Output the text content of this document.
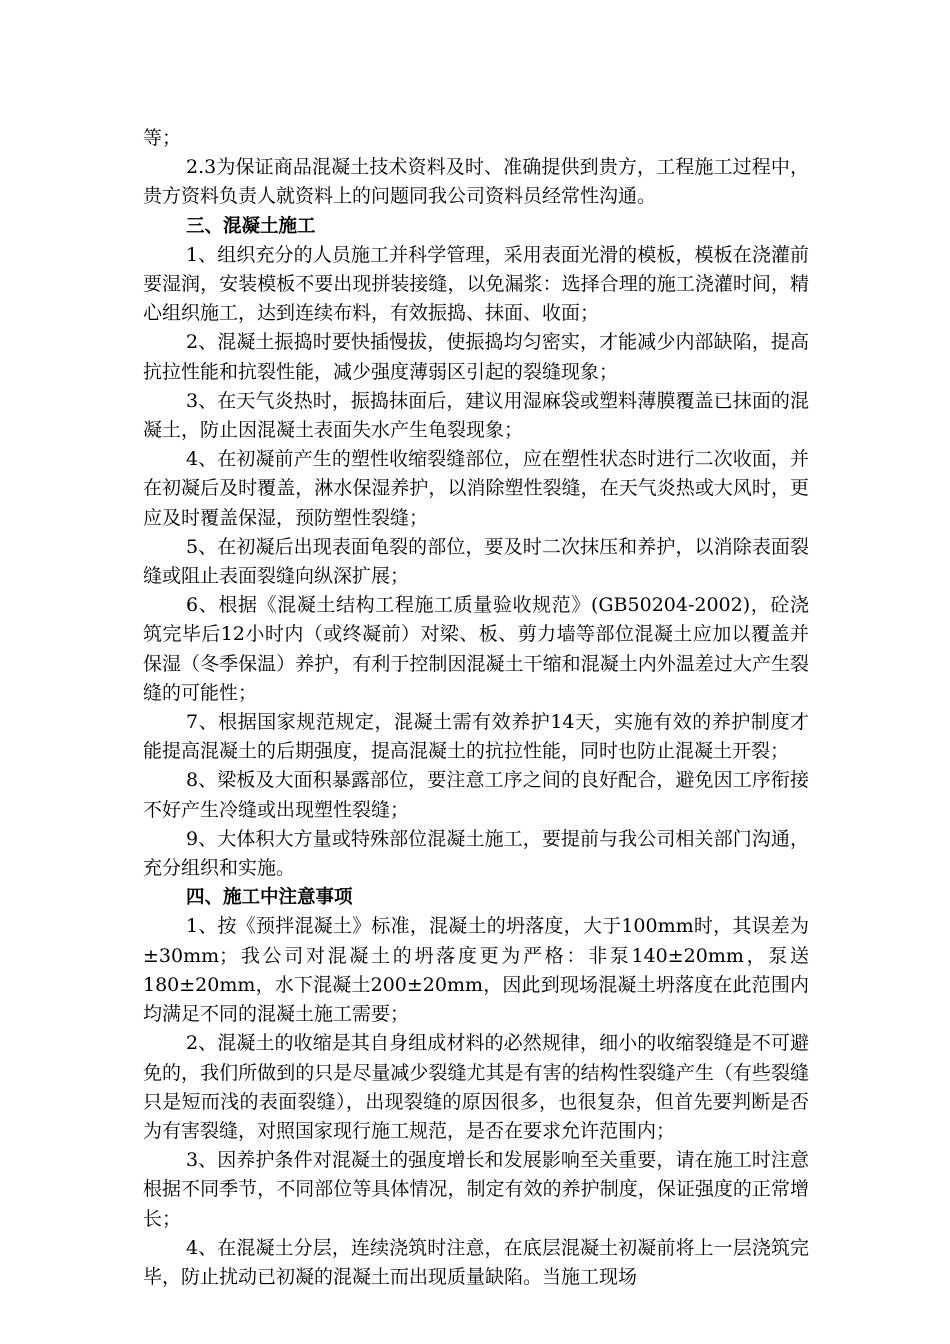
等；

2.3为保证商品混凝土技术资料及时、准确提供到贵方，工程施工过程中，贵方资料负责人就资料上的问题同我公司资料员经常性沟通。

三、混凝土施工

1、组织充分的人员施工并科学管理，采用表面光滑的模板，模板在浇灌前要湿润，安装模板不要出现拼装接缝，以免漏浆：选择合理的施工浇灌时间，精心组织施工，达到连续布料，有效振捣、抹面、收面；

2、混凝土振捣时要快插慢拔，使振捣均匀密实，才能减少内部缺陷，提高抗拉性能和抗裂性能，减少强度薄弱区引起的裂缝现象；

3、在天气炎热时，振捣抹面后，建议用湿麻袋或塑料薄膜覆盖已抹面的混凝土，防止因混凝土表面失水产生龟裂现象；

4、在初凝前产生的塑性收缩裂缝部位，应在塑性状态时进行二次收面，并在初凝后及时覆盖，淋水保湿养护，以消除塑性裂缝，在天气炎热或大风时，更应及时覆盖保湿，预防塑性裂缝；

5、在初凝后出现表面龟裂的部位，要及时二次抹压和养护，以消除表面裂缝或阻止表面裂缝向纵深扩展；

6、根据《混凝土结构工程施工质量验收规范》(GB50204-2002)，砼浇筑完毕后12小时内（或终凝前）对梁、板、剪力墙等部位混凝土应加以覆盖并保湿（冬季保温）养护，有利于控制因混凝土干缩和混凝土内外温差过大产生裂缝的可能性；

7、根据国家规范规定，混凝土需有效养护14天，实施有效的养护制度才能提高混凝土的后期强度，提高混凝土的抗拉性能，同时也防止混凝土开裂；

8、梁板及大面积暴露部位，要注意工序之间的良好配合，避免因工序衔接不好产生冷缝或出现塑性裂缝；

9、大体积大方量或特殊部位混凝土施工，要提前与我公司相关部门沟通，充分组织和实施。

四、施工中注意事项

1、按《预拌混凝土》标准，混凝土的坍落度，大于100mm时，其误差为±30mm；我公司对混凝土的坍落度更为严格：非泵140±20mm，泵送180±20mm，水下混凝土200±20mm，因此到现场混凝土坍落度在此范围内均满足不同的混凝土施工需要；

2、混凝土的收缩是其自身组成材料的必然规律，细小的收缩裂缝是不可避免的，我们所做到的只是尽量减少裂缝尤其是有害的结构性裂缝产生（有些裂缝只是短而浅的表面裂缝），出现裂缝的原因很多，也很复杂，但首先要判断是否为有害裂缝，对照国家现行施工规范，是否在要求允许范围内；

3、因养护条件对混凝土的强度增长和发展影响至关重要，请在施工时注意根据不同季节，不同部位等具体情况，制定有效的养护制度，保证强度的正常增长；

4、在混凝土分层，连续浇筑时注意，在底层混凝土初凝前将上一层浇筑完毕，防止扰动已初凝的混凝土而出现质量缺陷。当施工现场
